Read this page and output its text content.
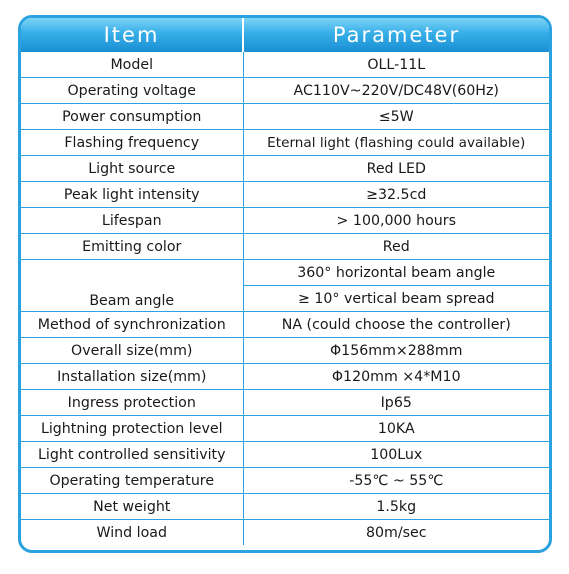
Item	Parameter
Model	OLL-11L
Operating voltage	AC110V~220V/DC48V(60Hz)
Power consumption	≤5W
Flashing frequency	Eternal light (flashing could available)
Light source	Red LED
Peak light intensity	≥32.5cd
Lifespan	> 100,000 hours
Emitting color	Red
Beam angle	360° horizontal beam angle
	≥ 10° vertical beam spread
Method of synchronization	NA (could choose the controller)
Overall size(mm)	Φ156mm×288mm
Installation size(mm)	Φ120mm ×4*M10
Ingress protection	Ip65
Lightning protection level	10KA
Light controlled sensitivity	100Lux
Operating temperature	-55℃ ~ 55℃
Net weight	1.5kg
Wind load	80m/sec
